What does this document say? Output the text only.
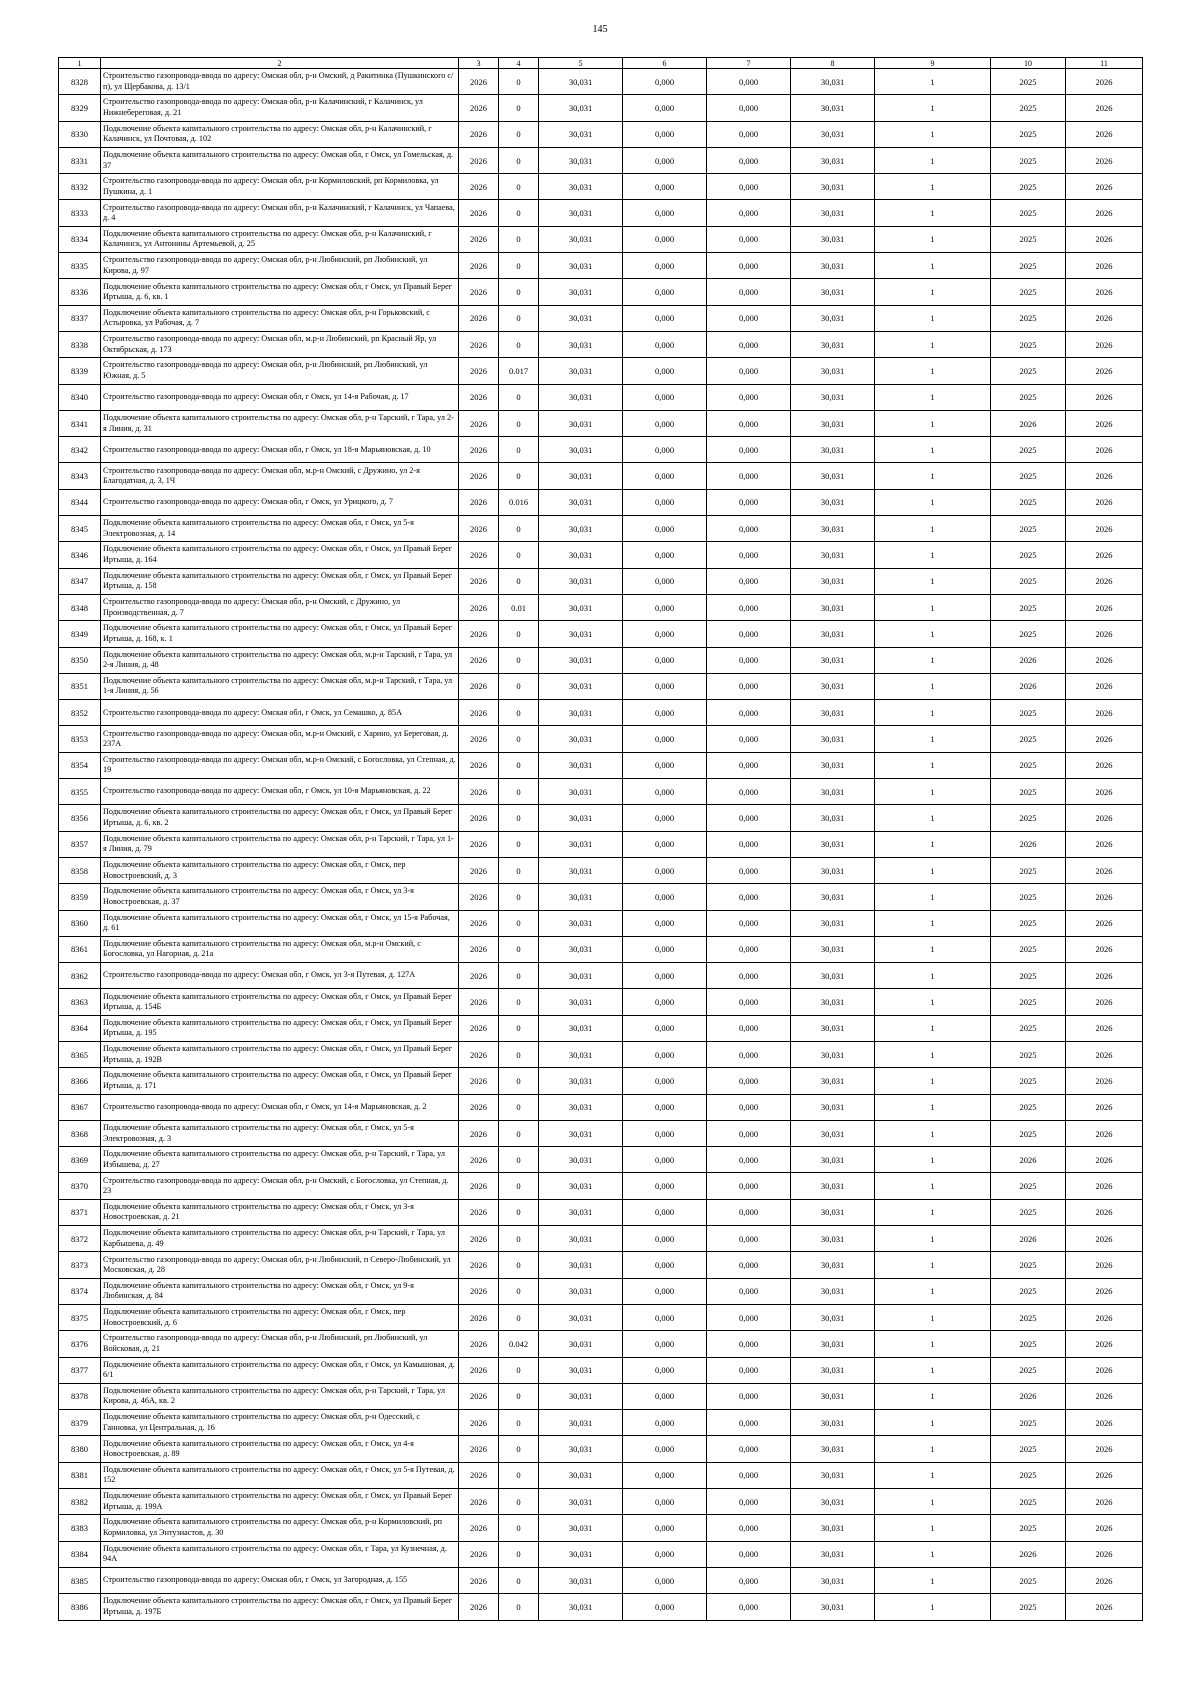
145
1	2	3	4	5	6	7	8	9	10	11
8328	Строительство газопровода-ввода по адресу: Омская обл, р-н Омский, д Ракитинка (Пушкинского с/п), ул Щербакова, д. 13/1	2026	0	30,031	0,000	0,000	30,031	1	2025	2026
8329	Строительство газопровода-ввода по адресу: Омская обл, р-н Калачинский, г Калачинск, ул Нижнебереговая, д. 21	2026	0	30,031	0,000	0,000	30,031	1	2025	2026
8330	Подключение объекта капитального строительства по адресу: Омская обл, р-н Калачинский, г Калачинск, ул Почтовая, д. 102	2026	0	30,031	0,000	0,000	30,031	1	2025	2026
8331	Подключение объекта капитального строительства по адресу: Омская обл, г Омск, ул Гомельская, д. 37	2026	0	30,031	0,000	0,000	30,031	1	2025	2026
8332	Строительство газопровода-ввода по адресу: Омская обл, р-н Кормиловский, рп Кормиловка, ул Пушкина, д. 1	2026	0	30,031	0,000	0,000	30,031	1	2025	2026
8333	Строительство газопровода-ввода по адресу: Омская обл, р-н Калачинский, г Калачинск, ул Чапаева, д. 4	2026	0	30,031	0,000	0,000	30,031	1	2025	2026
8334	Подключение объекта капитального строительства по адресу: Омская обл, р-н Калачинский, г Калачинск, ул Антонины Артемьевой, д. 25	2026	0	30,031	0,000	0,000	30,031	1	2025	2026
8335	Строительство газопровода-ввода по адресу: Омская обл, р-н Любинский, рп Любинский, ул Кирова, д. 97	2026	0	30,031	0,000	0,000	30,031	1	2025	2026
8336	Подключение объекта капитального строительства по адресу: Омская обл, г Омск, ул Правый Берег Иртыша, д. 6, кв. 1	2026	0	30,031	0,000	0,000	30,031	1	2025	2026
8337	Подключение объекта капитального строительства по адресу: Омская обл, р-н Горьковский, с Астыровка, ул Рабочая, д. 7	2026	0	30,031	0,000	0,000	30,031	1	2025	2026
8338	Строительство газопровода-ввода по адресу: Омская обл, м.р-н Любинский, рп Красный Яр, ул Октябрьская, д. 173	2026	0	30,031	0,000	0,000	30,031	1	2025	2026
8339	Строительство газопровода-ввода по адресу: Омская обл, р-н Любинский, рп Любинский, ул Южная, д. 5	2026	0.017	30,031	0,000	0,000	30,031	1	2025	2026
8340	Строительство газопровода-ввода по адресу: Омская обл, г Омск, ул 14-я Рабочая, д. 17	2026	0	30,031	0,000	0,000	30,031	1	2025	2026
8341	Подключение объекта капитального строительства по адресу: Омская обл, р-н Тарский, г Тара, ул 2-я Линия, д. 31	2026	0	30,031	0,000	0,000	30,031	1	2026	2026
8342	Строительство газопровода-ввода по адресу: Омская обл, г Омск, ул 18-я Марьяновская, д. 10	2026	0	30,031	0,000	0,000	30,031	1	2025	2026
8343	Строительство газопровода-ввода по адресу: Омская обл, м.р-н Омский, с Дружино, ул 2-я Благодатная, д. 3, 1Ч	2026	0	30,031	0,000	0,000	30,031	1	2025	2026
8344	Строительство газопровода-ввода по адресу: Омская обл, г Омск, ул Урицкого, д. 7	2026	0.016	30,031	0,000	0,000	30,031	1	2025	2026
8345	Подключение объекта капитального строительства по адресу: Омская обл, г Омск, ул 5-я Электровозная, д. 14	2026	0	30,031	0,000	0,000	30,031	1	2025	2026
8346	Подключение объекта капитального строительства по адресу: Омская обл, г Омск, ул Правый Берег Иртыша, д. 164	2026	0	30,031	0,000	0,000	30,031	1	2025	2026
8347	Подключение объекта капитального строительства по адресу: Омская обл, г Омск, ул Правый Берег Иртыша, д. 158	2026	0	30,031	0,000	0,000	30,031	1	2025	2026
8348	Строительство газопровода-ввода по адресу: Омская обл, р-н Омский, с Дружино, ул Производственная, д. 7	2026	0.01	30,031	0,000	0,000	30,031	1	2025	2026
8349	Подключение объекта капитального строительства по адресу: Омская обл, г Омск, ул Правый Берег Иртыша, д. 168, к. 1	2026	0	30,031	0,000	0,000	30,031	1	2025	2026
8350	Подключение объекта капитального строительства по адресу: Омская обл, м.р-н Тарский, г Тара, ул 2-я Линия, д. 48	2026	0	30,031	0,000	0,000	30,031	1	2026	2026
8351	Подключение объекта капитального строительства по адресу: Омская обл, м.р-н Тарский, г Тара, ул 1-я Линия, д. 56	2026	0	30,031	0,000	0,000	30,031	1	2026	2026
8352	Строительство газопровода-ввода по адресу: Омская обл, г Омск, ул Семашко, д. 85А	2026	0	30,031	0,000	0,000	30,031	1	2025	2026
8353	Строительство газопровода-ввода по адресу: Омская обл, м.р-н Омский, с Харино, ул Береговая, д. 237А	2026	0	30,031	0,000	0,000	30,031	1	2025	2026
8354	Строительство газопровода-ввода по адресу: Омская обл, м.р-н Омский, с Богословка, ул Степная, д. 19	2026	0	30,031	0,000	0,000	30,031	1	2025	2026
8355	Строительство газопровода-ввода по адресу: Омская обл, г Омск, ул 10-я Марьяновская, д. 22	2026	0	30,031	0,000	0,000	30,031	1	2025	2026
8356	Подключение объекта капитального строительства по адресу: Омская обл, г Омск, ул Правый Берег Иртыша, д. 6, кв. 2	2026	0	30,031	0,000	0,000	30,031	1	2025	2026
8357	Подключение объекта капитального строительства по адресу: Омская обл, р-н Тарский, г Тара, ул 1-я Линия, д. 79	2026	0	30,031	0,000	0,000	30,031	1	2026	2026
8358	Подключение объекта капитального строительства по адресу: Омская обл, г Омск, пер Новостроевский, д. 3	2026	0	30,031	0,000	0,000	30,031	1	2025	2026
8359	Подключение объекта капитального строительства по адресу: Омская обл, г Омск, ул 3-я Новостроевская, д. 37	2026	0	30,031	0,000	0,000	30,031	1	2025	2026
8360	Подключение объекта капитального строительства по адресу: Омская обл, г Омск, ул 15-я Рабочая, д. 61	2026	0	30,031	0,000	0,000	30,031	1	2025	2026
8361	Подключение объекта капитального строительства по адресу: Омская обл, м.р-н Омский, с Богословка, ул Нагорная, д. 21а	2026	0	30,031	0,000	0,000	30,031	1	2025	2026
8362	Строительство газопровода-ввода по адресу: Омская обл, г Омск, ул 3-я Путевая, д. 127А	2026	0	30,031	0,000	0,000	30,031	1	2025	2026
8363	Подключение объекта капитального строительства по адресу: Омская обл, г Омск, ул Правый Берег Иртыша, д. 154Б	2026	0	30,031	0,000	0,000	30,031	1	2025	2026
8364	Подключение объекта капитального строительства по адресу: Омская обл, г Омск, ул Правый Берег Иртыша, д. 195	2026	0	30,031	0,000	0,000	30,031	1	2025	2026
8365	Подключение объекта капитального строительства по адресу: Омская обл, г Омск, ул Правый Берег Иртыша, д. 192В	2026	0	30,031	0,000	0,000	30,031	1	2025	2026
8366	Подключение объекта капитального строительства по адресу: Омская обл, г Омск, ул Правый Берег Иртыша, д. 171	2026	0	30,031	0,000	0,000	30,031	1	2025	2026
8367	Строительство газопровода-ввода по адресу: Омская обл, г Омск, ул 14-я Марьяновская, д. 2	2026	0	30,031	0,000	0,000	30,031	1	2025	2026
8368	Подключение объекта капитального строительства по адресу: Омская обл, г Омск, ул 5-я Электровозная, д. 3	2026	0	30,031	0,000	0,000	30,031	1	2025	2026
8369	Подключение объекта капитального строительства по адресу: Омская обл, р-н Тарский, г Тара, ул Избышева, д. 27	2026	0	30,031	0,000	0,000	30,031	1	2026	2026
8370	Строительство газопровода-ввода по адресу: Омская обл, р-н Омский, с Богословка, ул Степная, д. 23	2026	0	30,031	0,000	0,000	30,031	1	2025	2026
8371	Подключение объекта капитального строительства по адресу: Омская обл, г Омск, ул 3-я Новостроевская, д. 21	2026	0	30,031	0,000	0,000	30,031	1	2025	2026
8372	Подключение объекта капитального строительства по адресу: Омская обл, р-н Тарский, г Тара, ул Карбышева, д. 49	2026	0	30,031	0,000	0,000	30,031	1	2026	2026
8373	Строительство газопровода-ввода по адресу: Омская обл, р-н Любинский, п Северо-Любинский, ул Московская, д. 28	2026	0	30,031	0,000	0,000	30,031	1	2025	2026
8374	Подключение объекта капитального строительства по адресу: Омская обл, г Омск, ул 9-я Любинская, д. 84	2026	0	30,031	0,000	0,000	30,031	1	2025	2026
8375	Подключение объекта капитального строительства по адресу: Омская обл, г Омск, пер Новостроевский, д. 6	2026	0	30,031	0,000	0,000	30,031	1	2025	2026
8376	Строительство газопровода-ввода по адресу: Омская обл, р-н Любинский, рп Любинский, ул Войсковая, д. 21	2026	0.042	30,031	0,000	0,000	30,031	1	2025	2026
8377	Подключение объекта капитального строительства по адресу: Омская обл, г Омск, ул Камышовая, д. 6/1	2026	0	30,031	0,000	0,000	30,031	1	2025	2026
8378	Подключение объекта капитального строительства по адресу: Омская обл, р-н Тарский, г Тара, ул Кирова, д. 46А, кв. 2	2026	0	30,031	0,000	0,000	30,031	1	2026	2026
8379	Подключение объекта капитального строительства по адресу: Омская обл, р-н Одесский, с Ганновка, ул Центральная, д. 16	2026	0	30,031	0,000	0,000	30,031	1	2025	2026
8380	Подключение объекта капитального строительства по адресу: Омская обл, г Омск, ул 4-я Новостроевская, д. 89	2026	0	30,031	0,000	0,000	30,031	1	2025	2026
8381	Подключение объекта капитального строительства по адресу: Омская обл, г Омск, ул 5-я Путевая, д. 152	2026	0	30,031	0,000	0,000	30,031	1	2025	2026
8382	Подключение объекта капитального строительства по адресу: Омская обл, г Омск, ул Правый Берег Иртыша, д. 199А	2026	0	30,031	0,000	0,000	30,031	1	2025	2026
8383	Подключение объекта капитального строительства по адресу: Омская обл, р-н Кормиловский, рп Кормиловка, ул Энтузиастов, д. 30	2026	0	30,031	0,000	0,000	30,031	1	2025	2026
8384	Подключение объекта капитального строительства по адресу: Омская обл, г Тара, ул Кузнечная, д. 94А	2026	0	30,031	0,000	0,000	30,031	1	2026	2026
8385	Строительство газопровода-ввода по адресу: Омская обл, г Омск, ул Загородная, д. 155	2026	0	30,031	0,000	0,000	30,031	1	2025	2026
8386	Подключение объекта капитального строительства по адресу: Омская обл, г Омск, ул Правый Берег Иртыша, д. 197Б	2026	0	30,031	0,000	0,000	30,031	1	2025	2026
